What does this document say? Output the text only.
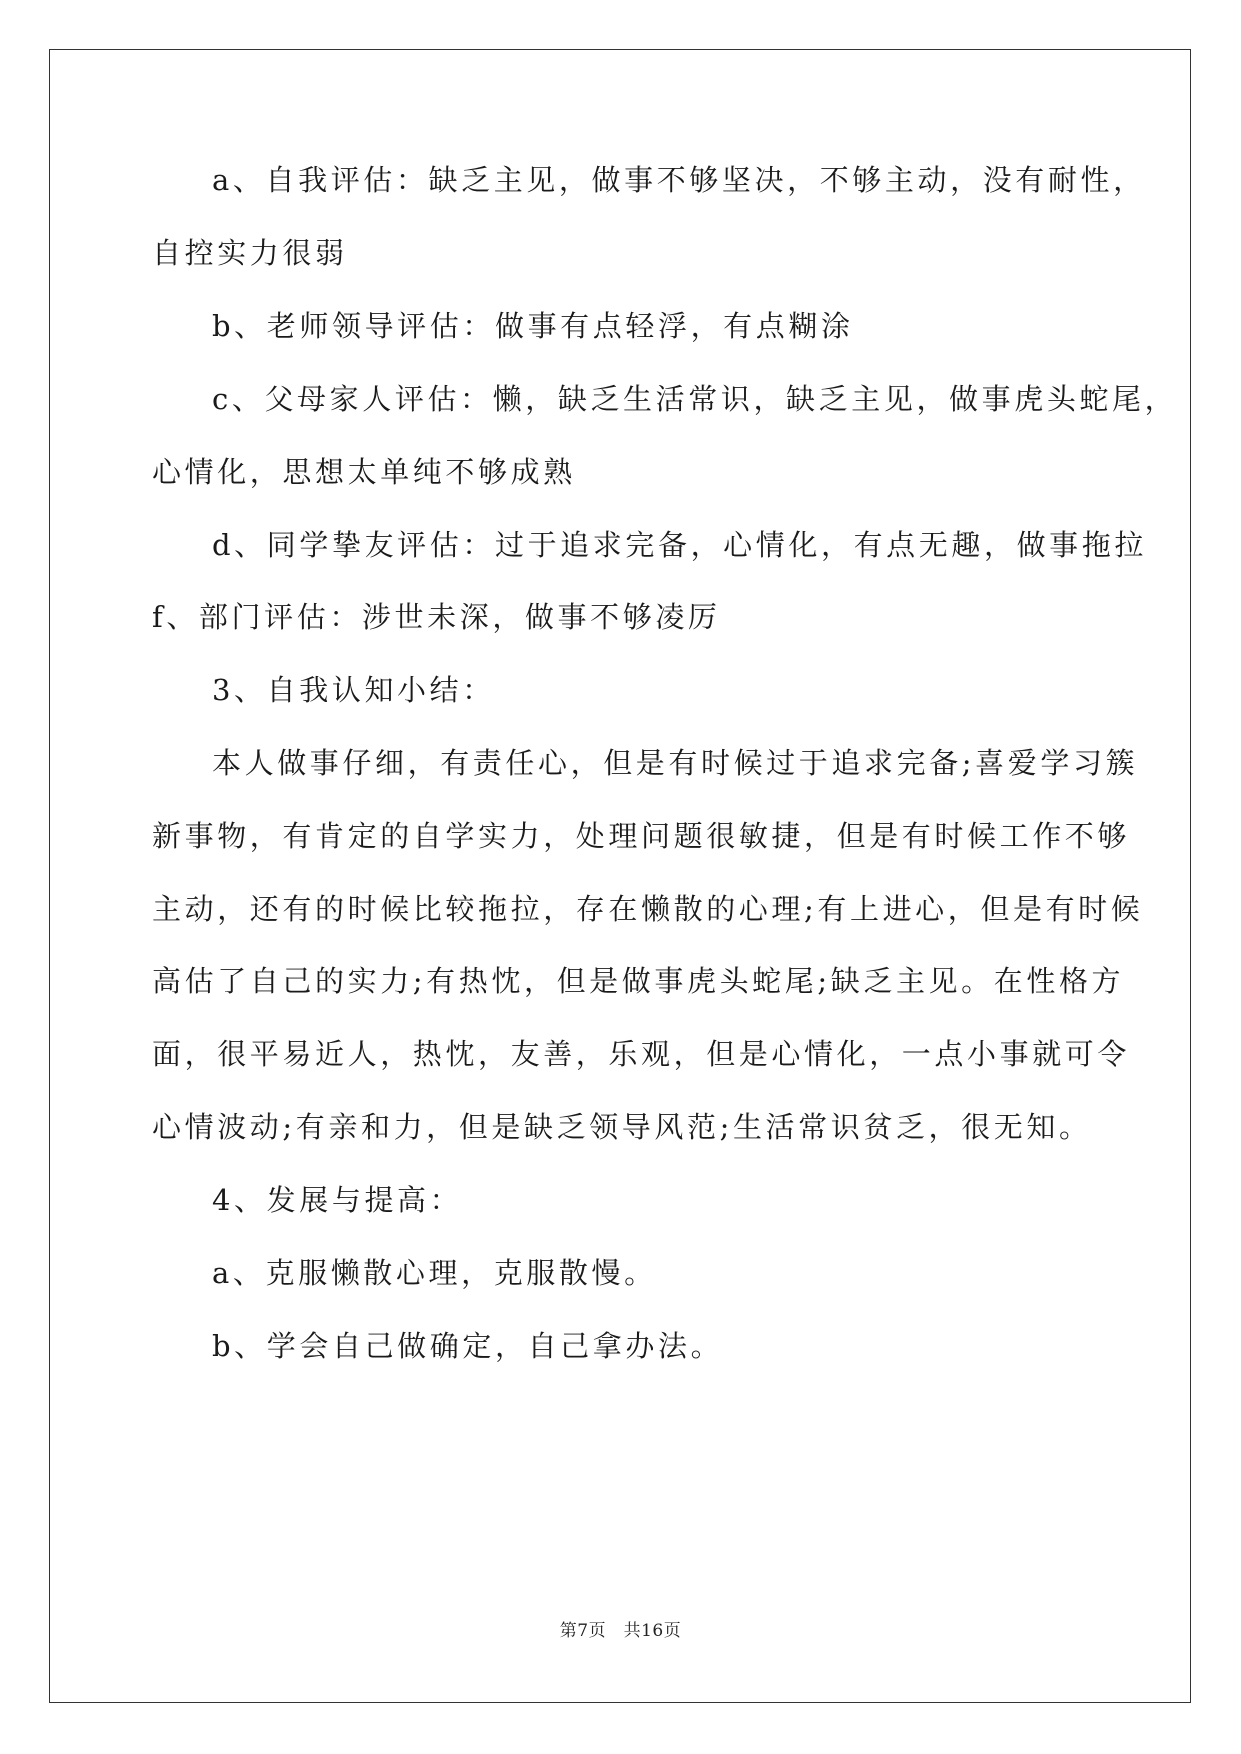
a、自我评估：缺乏主见，做事不够坚决，不够主动，没有耐性，
自控实力很弱
b、老师领导评估：做事有点轻浮，有点糊涂
c、父母家人评估：懒，缺乏生活常识，缺乏主见，做事虎头蛇尾，
心情化，思想太单纯不够成熟
d、同学挚友评估：过于追求完备，心情化，有点无趣，做事拖拉
f、部门评估：涉世未深，做事不够凌厉
3、自我认知小结：
本人做事仔细，有责任心，但是有时候过于追求完备;喜爱学习簇
新事物，有肯定的自学实力，处理问题很敏捷，但是有时候工作不够
主动，还有的时候比较拖拉，存在懒散的心理;有上进心，但是有时候
高估了自己的实力;有热忱，但是做事虎头蛇尾;缺乏主见。在性格方
面，很平易近人，热忱，友善，乐观，但是心情化，一点小事就可令
心情波动;有亲和力，但是缺乏领导风范;生活常识贫乏，很无知。
4、发展与提高：
a、克服懒散心理，克服散慢。
b、学会自己做确定，自己拿办法。
第7页　共16页
